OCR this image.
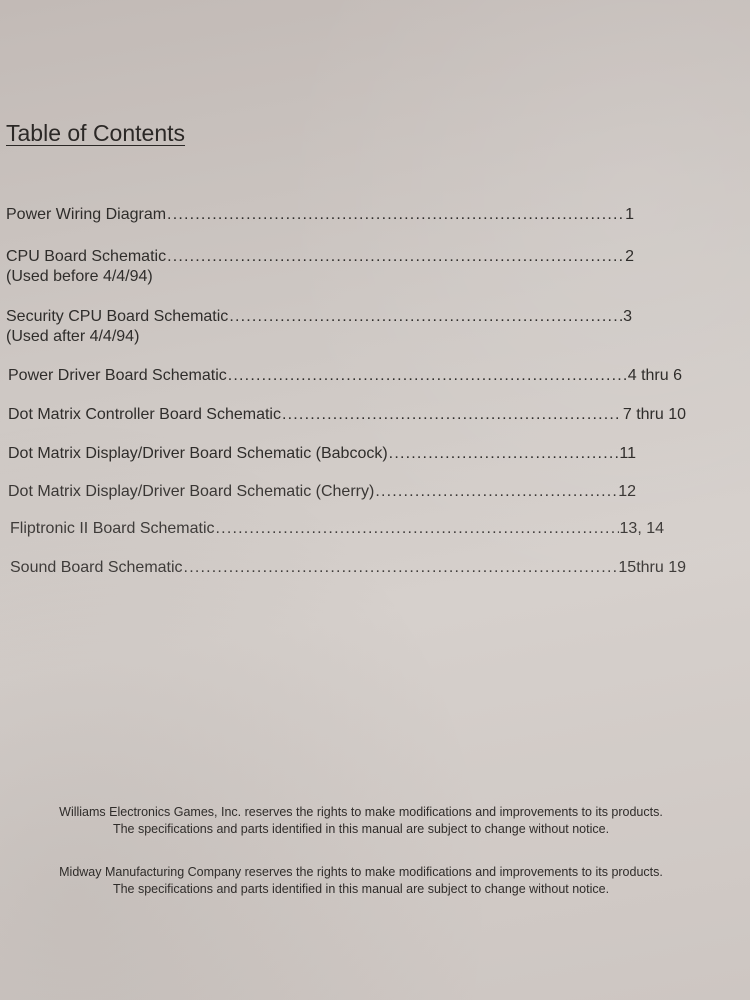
Table of Contents
Power Wiring Diagram .....	1
CPU Board Schematic .....	2
(Used before 4/4/94)
Security CPU Board Schematic .....	3
(Used after 4/4/94)
Power Driver Board Schematic .....	4 thru 6
Dot Matrix Controller Board Schematic .....	7 thru 10
Dot Matrix Display/Driver Board Schematic (Babcock) .....	11
Dot Matrix Display/Driver Board Schematic (Cherry) .....	12
Fliptronic II Board Schematic .....	13, 14
Sound Board Schematic .....	15thru 19
Williams Electronics Games, Inc. reserves the rights to make modifications and improvements to its products.
The specifications and parts identified in this manual are subject to change without notice.
Midway Manufacturing Company reserves the rights to make modifications and improvements to its products.
The specifications and parts identified in this manual are subject to change without notice.
